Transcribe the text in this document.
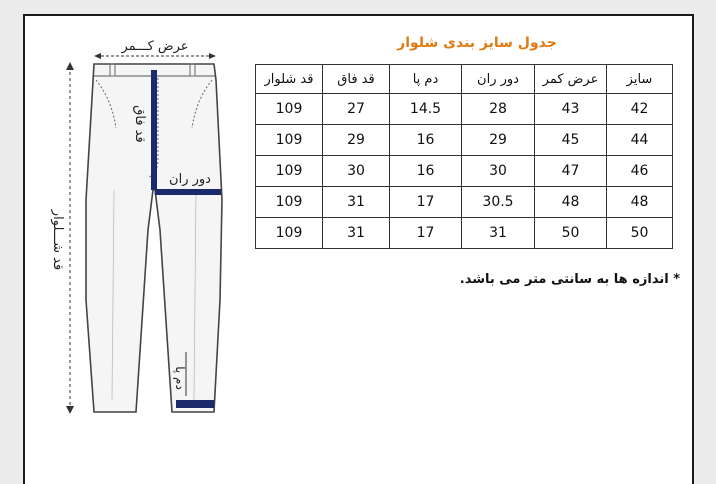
عرض کـــمر
قد فاق
دور ران
دم پا
قد شـــلوار
جدول سایز بندی شلوار
سایز	عرض کمر	دور ران	دم پا	قد فاق	قد شلوار
42	43	28	14.5	27	109
44	45	29	16	29	109
46	47	30	16	30	109
48	48	30.5	17	31	109
50	50	31	17	31	109
* اندازه ها به سانتی متر می باشد.
